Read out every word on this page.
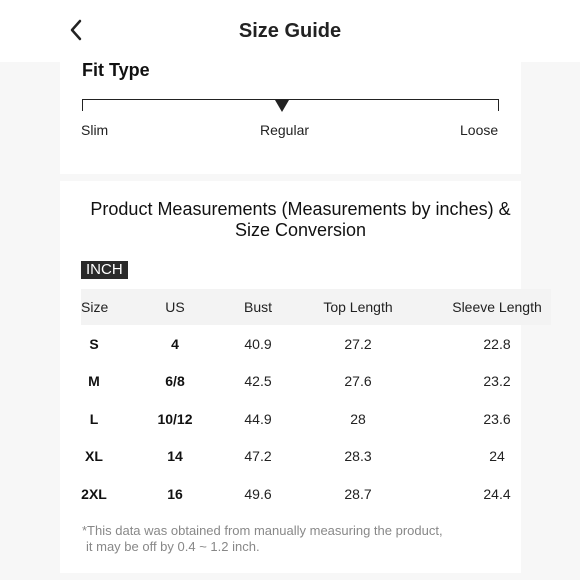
Size Guide
Fit Type
Slim	Regular	Loose
Product Measurements (Measurements by inches) & Size Conversion
INCH
Size	US	Bust	Top Length	Sleeve Length
S	4	40.9	27.2	22.8
M	6/8	42.5	27.6	23.2
L	10/12	44.9	28	23.6
XL	14	47.2	28.3	24
2XL	16	49.6	28.7	24.4
*This data was obtained from manually measuring the product,
it may be off by 0.4 ~ 1.2 inch.
